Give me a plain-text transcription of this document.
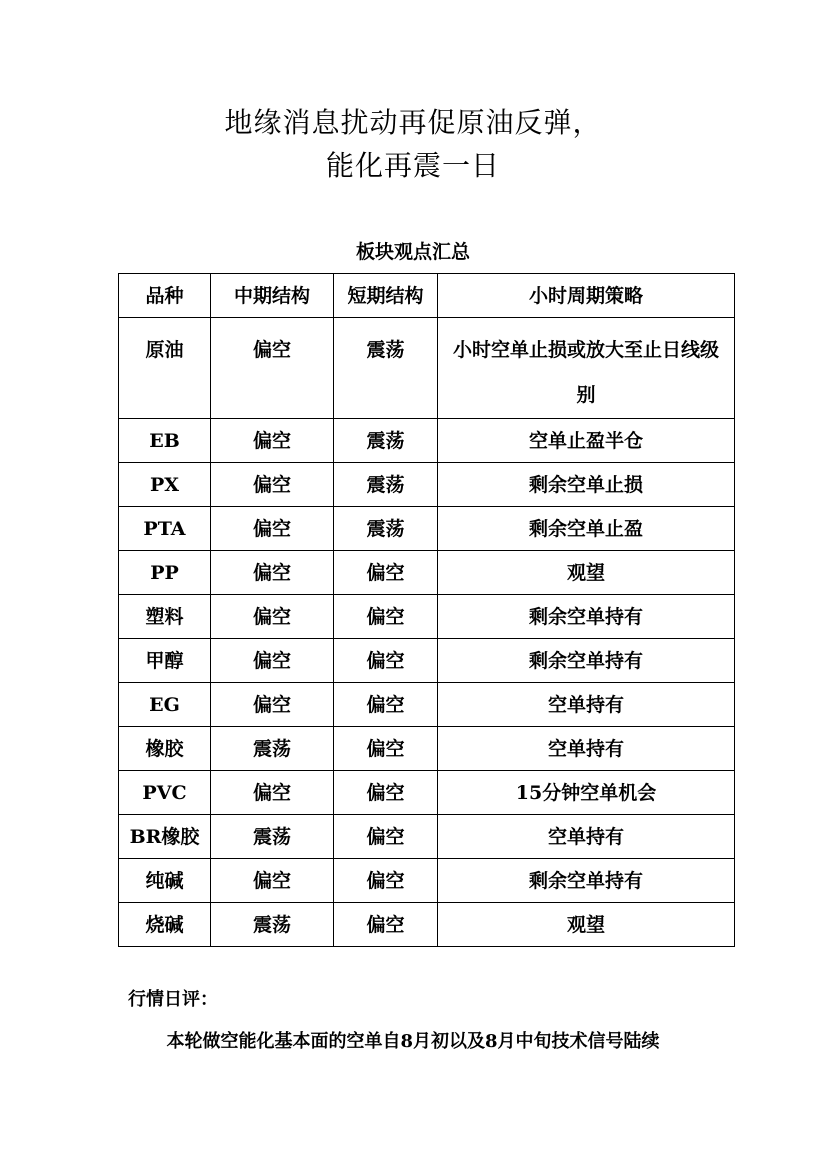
地缘消息扰动再促原油反弹，
能化再震一日
板块观点汇总
品种	中期结构	短期结构	小时周期策略
原油	偏空	震荡	小时空单止损或放大至止日线级别
EB	偏空	震荡	空单止盈半仓
PX	偏空	震荡	剩余空单止损
PTA	偏空	震荡	剩余空单止盈
PP	偏空	偏空	观望
塑料	偏空	偏空	剩余空单持有
甲醇	偏空	偏空	剩余空单持有
EG	偏空	偏空	空单持有
橡胶	震荡	偏空	空单持有
PVC	偏空	偏空	15分钟空单机会
BR橡胶	震荡	偏空	空单持有
纯碱	偏空	偏空	剩余空单持有
烧碱	震荡	偏空	观望
行情日评：
本轮做空能化基本面的空单自8月初以及8月中旬技术信号陆续
